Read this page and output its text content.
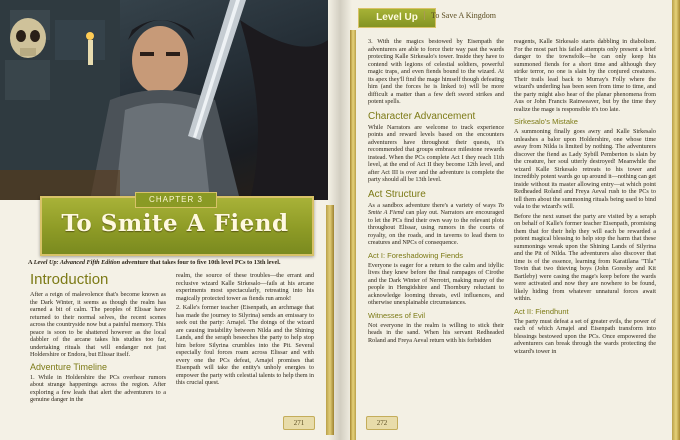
CHAPTER 3
To Smite A Fiend
A Level Up: Advanced Fifth Edition adventure that takes four to five 10th level PCs to 13th level.
Introduction
After a reign of malevolence that's become known as the Dark Winter, it seems as though the realm has earned a bit of calm. The peoples of Elissar have returned to their normal selves, the recent scenes across the countryside now but a painful memory. This peace is soon to be shattered however as the local dabbler of the arcane takes his studies too far, undertaking rituals that will endanger not just Holdershire or Endora, but Elissar itself.
Adventure Timeline
1. While in Holdershire the PCs overhear rumors about strange happenings across the region. After exploring a few leads that alert the adventurers to a genuine danger in the
realm, the source of these troubles—the errant and reclusive wizard Kalle Sirkesalo—fails at his arcane experiments most spectacularly, retreating into his magically protected tower as fiends run amok!
2. Kalle's former teacher (Eisenpath, an archmage that has made the journey to Silyrina) sends an emissary to seek out the party: Arnajel. The doings of the wizard are causing instability between Nilda and the Shining Lands, and the seraph beseeches the party to help stop him before Silyrina crumbles into the Pit. Several especially foul forces roam across Elissar and with every one the PCs defeat, Arnajel promises that Eisenpath will take the entity's unholy energies to empower the party with celestial talents to help them in this crucial quest.
271
Level Up	To Save A Kingdom
3. With the magics bestowed by Eisenpath the adventurers are able to force their way past the wards protecting Kalle Sirkesalo's tower. Inside they have to contend with legions of celestial soldiers, powerful magic traps, and even fiends bound to the wizard. At its apex they'll find the mage himself though defeating him (and the forces he is linked to) will be more difficult a matter than a few deft sword strikes and potent spells.
Character Advancement
While Narrators are welcome to track experience points and reward levels based on the encounters adventurers have throughout their quests, it's recommended that groups embrace milestone rewards instead. When the PCs complete Act I they reach 11th level, at the end of Act II they become 12th level, and after Act III is over and the adventure is complete the party should all be 13th level.
Act Structure
As a sandbox adventure there's a variety of ways To Smite A Fiend can play out. Narrators are encouraged to let the PCs find their own way to the relevant plots throughout Elissar, using rumors in the courts of royalty, on the roads, and in taverns to lead them to creatures and NPCs of consequence.
Act I: Foreshadowing Fiends
Everyone is eager for a return to the calm and idyllic lives they knew before the final rampages of Cirothe and the Dark Winter of Nerrotri, making many of the people in Hengidshire and Thornbury reluctant to acknowledge looming threats, evil influences, and otherwise unexplainable circumstances.
Witnesses of Evil
Not everyone in the realm is willing to stick their heads in the sand. When his servant Redheaded Roland and Freya Aeval return with his forbidden
reagents, Kalle Sirkesalo starts dabbling in diabolism. For the most part his failed attempts only present a brief danger to the townsfolk—he can only keep his summoned fiends for a short time and although they strike terror, no one is slain by the conjured creatures. Their trails lead back to Murray's Folly where the wizard's underling has been seen from time to time, and the party might also hear of the planar phenomena from Aus or John Francis Rainweaver, but by the time they realize the mage is responsible it's too late.
Sirkesalo's Mistake
A summoning finally goes awry and Kalle Sirkesalo unleashes a balor upon Holdershire, one whose time away from Nilda is limited by nothing. The adventurers discover the fiend as Lady Sybill Pemberton is slain by the creature, her soul utterly destroyed! Meanwhile the wizard Kalle Sirkesalo retreats to his tower and incredibly potent wards go up around it—nothing can get inside without its master allowing entry—at which point Redheaded Roland and Freya Aeval rush to the PCs to tell them about the summoning rituals being used to bind vala to the wizard's will.
Before the next sunset the party are visited by a seraph on behalf of Kalle's former teacher Eisenpath, promising them that for their help they will each be rewarded a potent magical blessing to help stop the harm that these summonings wreak upon the Shining Lands of Silyrina and the Pit of Nilda. The adventurers also discover that time is of the essence, learning from Karatilana "Tila" Tovin that two thieving boys (John Goresby and Kit Bartleby) were casing the mage's keep before the wards were activated and now they are nowhere to be found, likely hiding from whatever unnatural forces await within.
Act II: Fiendhunt
The party must defeat a set of greater evils, the power of each of which Arnajel and Eisenpath transform into blessings bestowed upon the PCs. Once empowered the adventurers can break through the wards protecting the wizard's tower in
272
